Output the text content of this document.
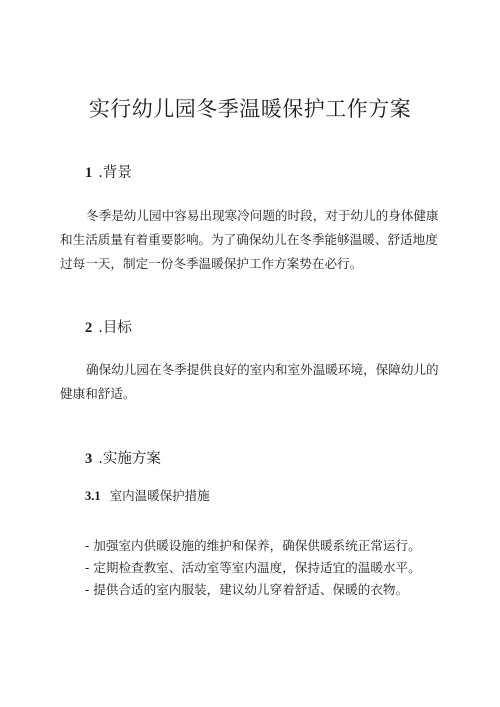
实行幼儿园冬季温暖保护工作方案
1 .背景

冬季是幼儿园中容易出现寒冷问题的时段，对于幼儿的身体健康
和生活质量有着重要影响。为了确保幼儿在冬季能够温暖、舒适地度
过每一天，制定一份冬季温暖保护工作方案势在必行。

2 .目标

确保幼儿园在冬季提供良好的室内和室外温暖环境，保障幼儿的
健康和舒适。

3 .实施方案
3.1 室内温暖保护措施
- 加强室内供暖设施的维护和保养，确保供暖系统正常运行。
- 定期检查教室、活动室等室内温度，保持适宜的温暖水平。
- 提供合适的室内服装，建议幼儿穿着舒适、保暖的衣物。
